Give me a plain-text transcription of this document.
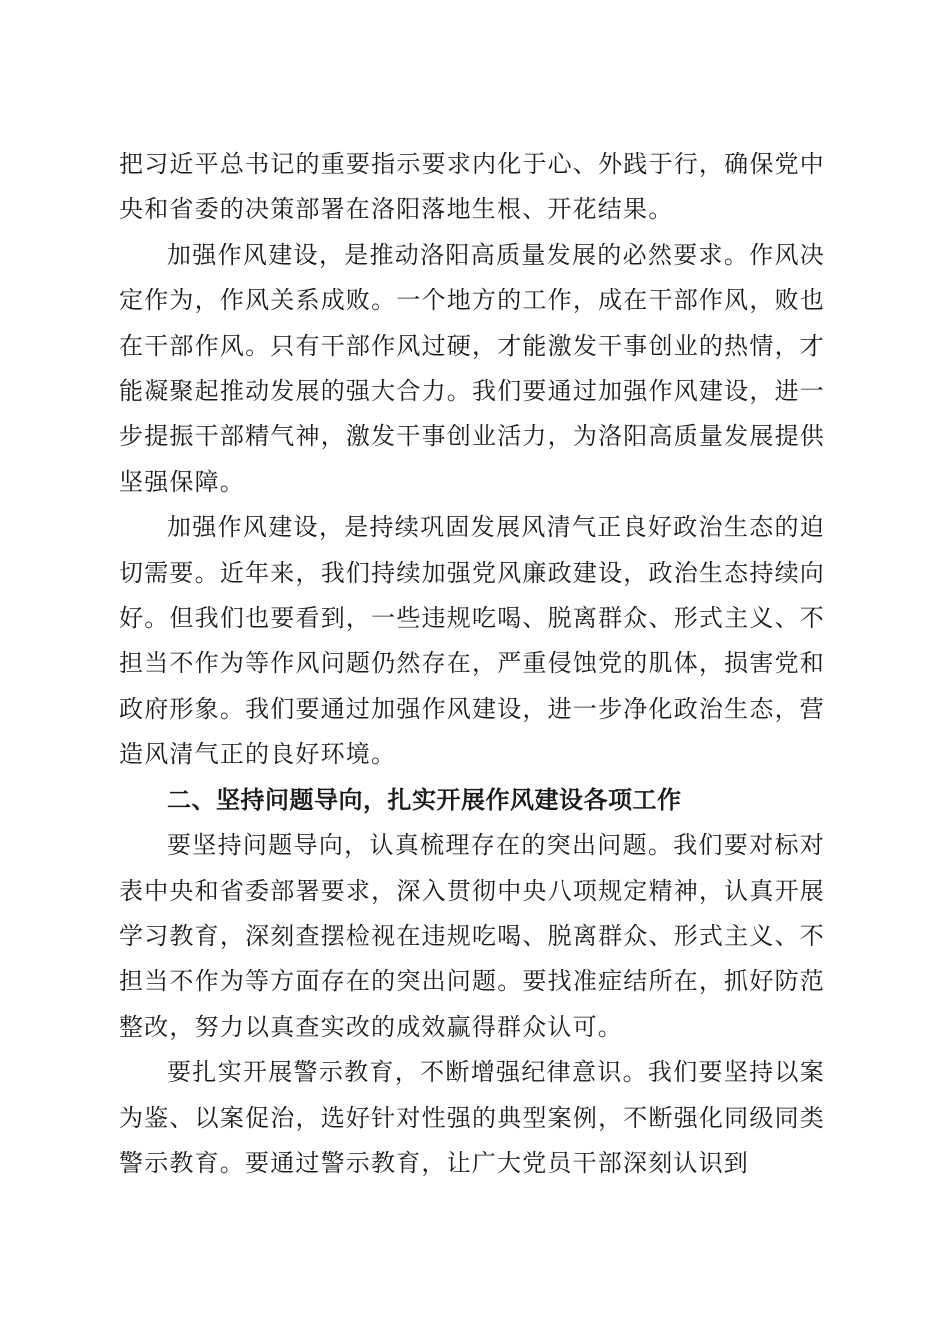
把习近平总书记的重要指示要求内化于心、外践于行，确保党中央和省委的决策部署在洛阳落地生根、开花结果。

加强作风建设，是推动洛阳高质量发展的必然要求。作风决定作为，作风关系成败。一个地方的工作，成在干部作风，败也在干部作风。只有干部作风过硬，才能激发干事创业的热情，才能凝聚起推动发展的强大合力。我们要通过加强作风建设，进一步提振干部精气神，激发干事创业活力，为洛阳高质量发展提供坚强保障。

加强作风建设，是持续巩固发展风清气正良好政治生态的迫切需要。近年来，我们持续加强党风廉政建设，政治生态持续向好。但我们也要看到，一些违规吃喝、脱离群众、形式主义、不担当不作为等作风问题仍然存在，严重侵蚀党的肌体，损害党和政府形象。我们要通过加强作风建设，进一步净化政治生态，营造风清气正的良好环境。

二、坚持问题导向，扎实开展作风建设各项工作

要坚持问题导向，认真梳理存在的突出问题。我们要对标对表中央和省委部署要求，深入贯彻中央八项规定精神，认真开展学习教育，深刻查摆检视在违规吃喝、脱离群众、形式主义、不担当不作为等方面存在的突出问题。要找准症结所在，抓好防范整改，努力以真查实改的成效赢得群众认可。

要扎实开展警示教育，不断增强纪律意识。我们要坚持以案为鉴、以案促治，选好针对性强的典型案例，不断强化同级同类警示教育。要通过警示教育，让广大党员干部深刻认识到
